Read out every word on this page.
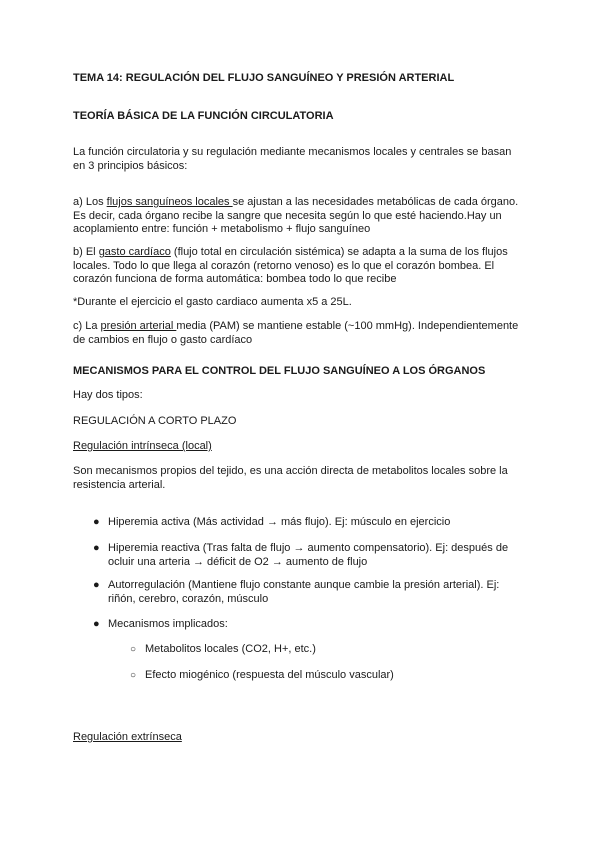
TEMA 14: REGULACIÓN DEL FLUJO SANGUÍNEO Y PRESIÓN ARTERIAL
TEORÍA BÁSICA DE LA FUNCIÓN CIRCULATORIA
La función circulatoria y su regulación mediante mecanismos locales y centrales se basan
en 3 principios básicos:
a) Los flujos sanguíneos locales se ajustan a las necesidades metabólicas de cada órgano.
Es decir, cada órgano recibe la sangre que necesita según lo que esté haciendo.Hay un
acoplamiento entre: función + metabolismo + flujo sanguíneo
b) El gasto cardíaco (flujo total en circulación sistémica) se adapta a la suma de los flujos
locales. Todo lo que llega al corazón (retorno venoso) es lo que el corazón bombea. El
corazón funciona de forma automática: bombea todo lo que recibe
*Durante el ejercicio el gasto cardiaco aumenta x5 a 25L.
c) La presión arterial media (PAM) se mantiene estable (~100 mmHg). Independientemente
de cambios en flujo o gasto cardíaco
MECANISMOS PARA EL CONTROL DEL FLUJO SANGUÍNEO A LOS ÓRGANOS
Hay dos tipos:
REGULACIÓN A CORTO PLAZO
Regulación intrínseca (local)
Son mecanismos propios del tejido, es una acción directa de metabolitos locales sobre la
resistencia arterial.
● Hiperemia activa (Más actividad → más flujo). Ej: músculo en ejercicio
● Hiperemia reactiva (Tras falta de flujo → aumento compensatorio). Ej: después de
ocluir una arteria → déficit de O2 → aumento de flujo
● Autorregulación (Mantiene flujo constante aunque cambie la presión arterial). Ej:
riñón, cerebro, corazón, músculo
● Mecanismos implicados:
○ Metabolitos locales (CO2, H+, etc.)
○ Efecto miogénico (respuesta del músculo vascular)
Regulación extrínseca
